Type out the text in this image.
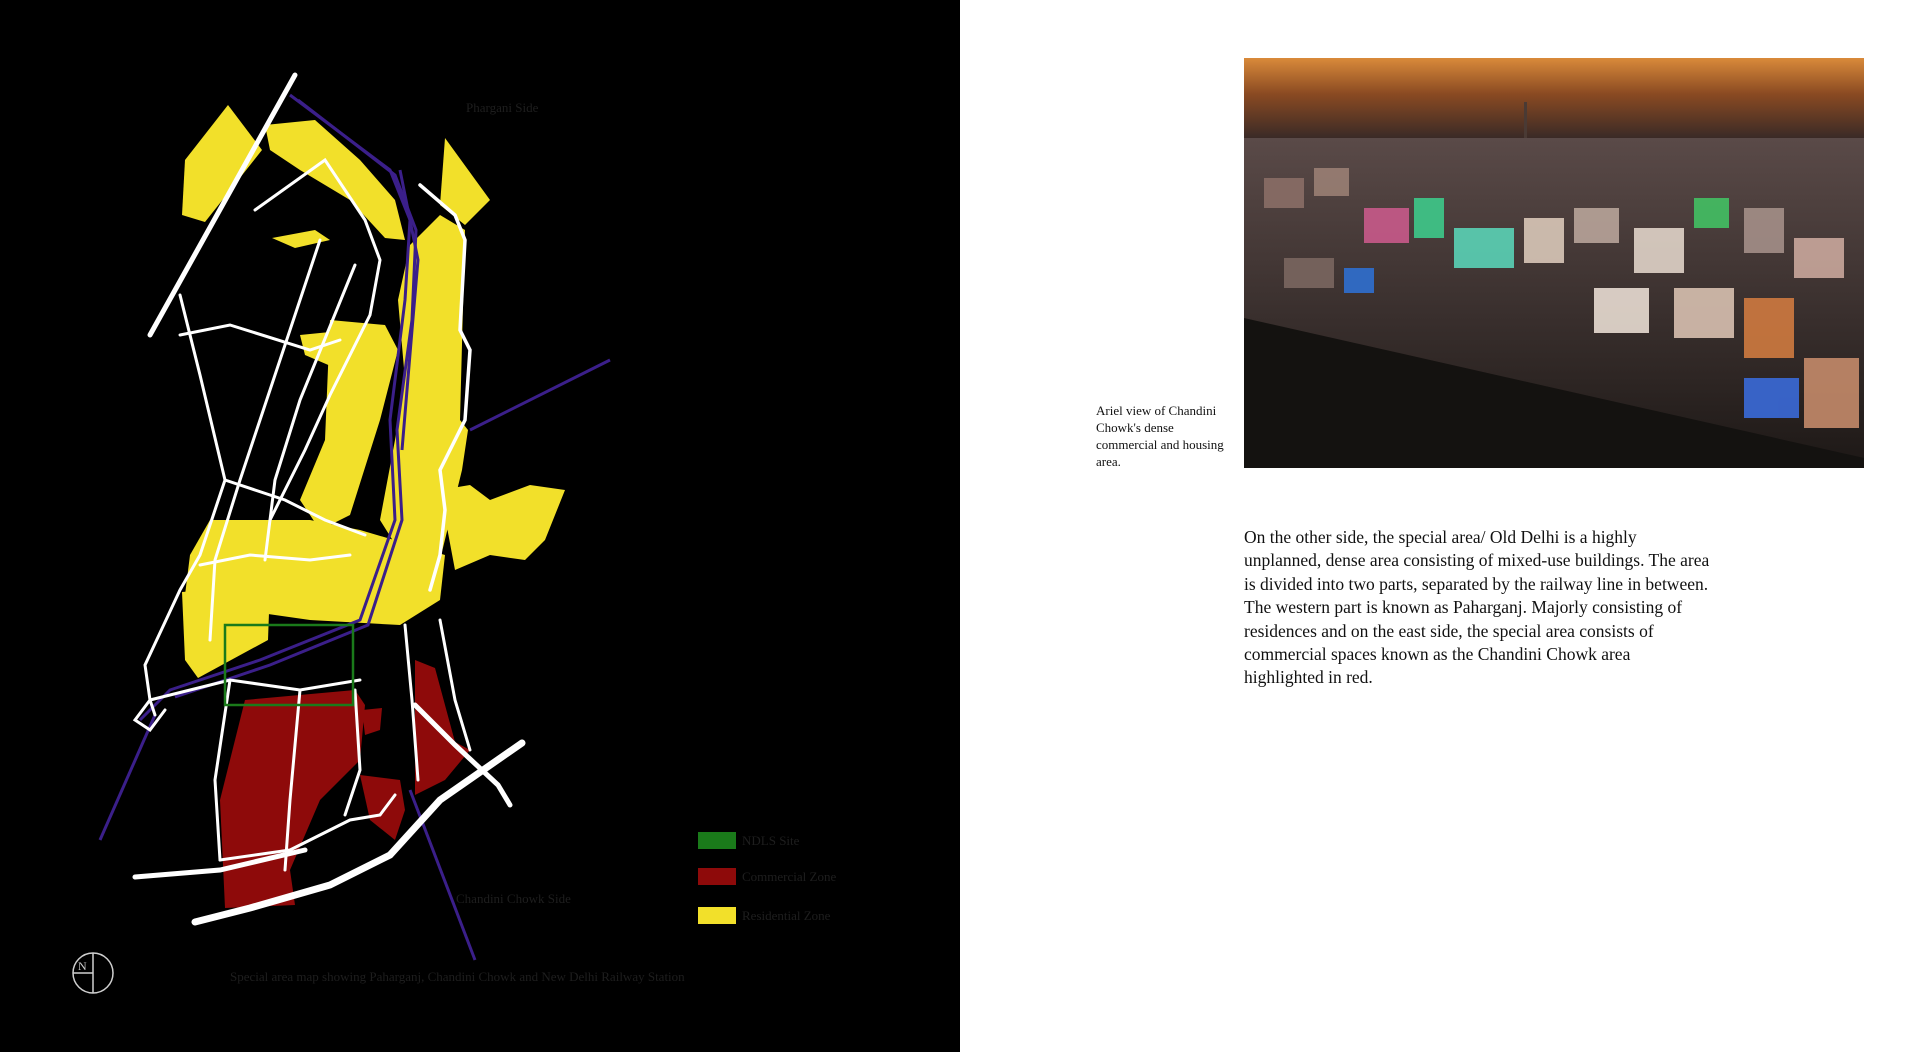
Phargani Side
Chandini Chowk Side
NDLS Site
Commercial Zone
Residential Zone
N
Special area map showing Paharganj, Chandini Chowk and New Delhi Railway Station
Ariel view of Chandini Chowk's dense commercial and housing area.
On the other side, the special area/ Old Delhi is a highly unplanned, dense area consisting of mixed-use buildings. The area is divided into two parts, separated by the railway line in between. The western part is known as Paharganj. Majorly consisting of residences and on the east side, the special area consists of commercial spaces known as the Chandini Chowk area highlighted in red.
